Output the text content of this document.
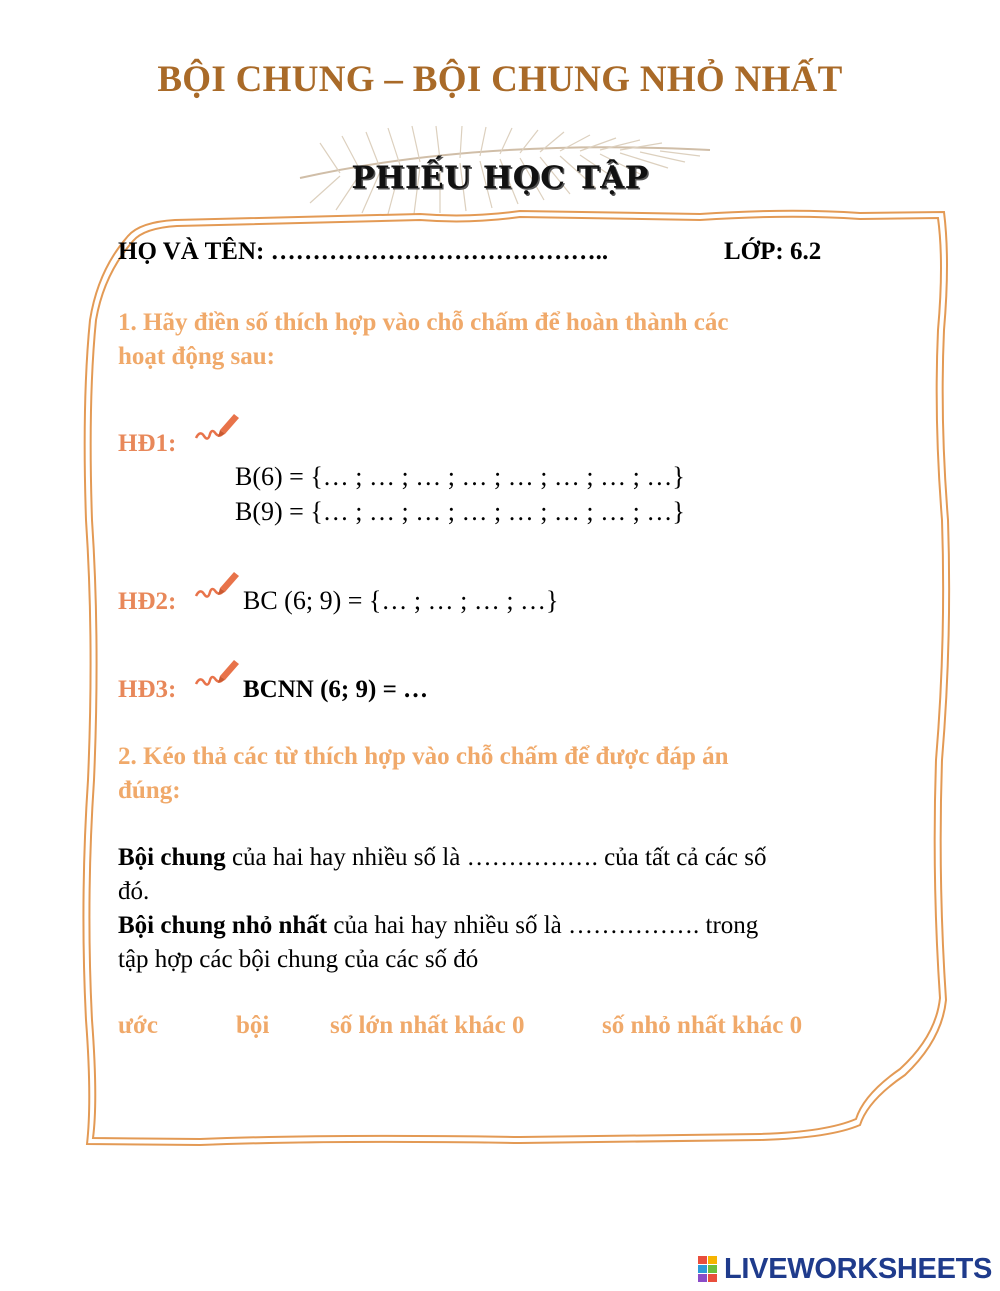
BỘI CHUNG – BỘI CHUNG NHỎ NHẤT
PHIẾU HỌC TẬP
HỌ VÀ TÊN: …………………………………..	LỚP: 6.2
1. Hãy điền số thích hợp vào chỗ chấm để hoàn thành các
hoạt động sau:
HĐ1:
B(6) = {… ; … ; … ; … ; … ; … ; … ; …}
B(9) = {… ; … ; … ; … ; … ; … ; … ; …}
HĐ2:	BC (6; 9) = {… ; … ; … ; …}
HĐ3:	BCNN (6; 9) = …
2. Kéo thả các từ thích hợp vào chỗ chấm để được đáp án
đúng:
Bội chung của hai hay nhiều số là ……………. của tất cả các số
đó.
Bội chung nhỏ nhất của hai hay nhiều số là ……………. trong
tập hợp các bội chung của các số đó
ước	bội số lớn nhất khác 0	số nhỏ nhất khác 0
LIVEWORKSHEETS
